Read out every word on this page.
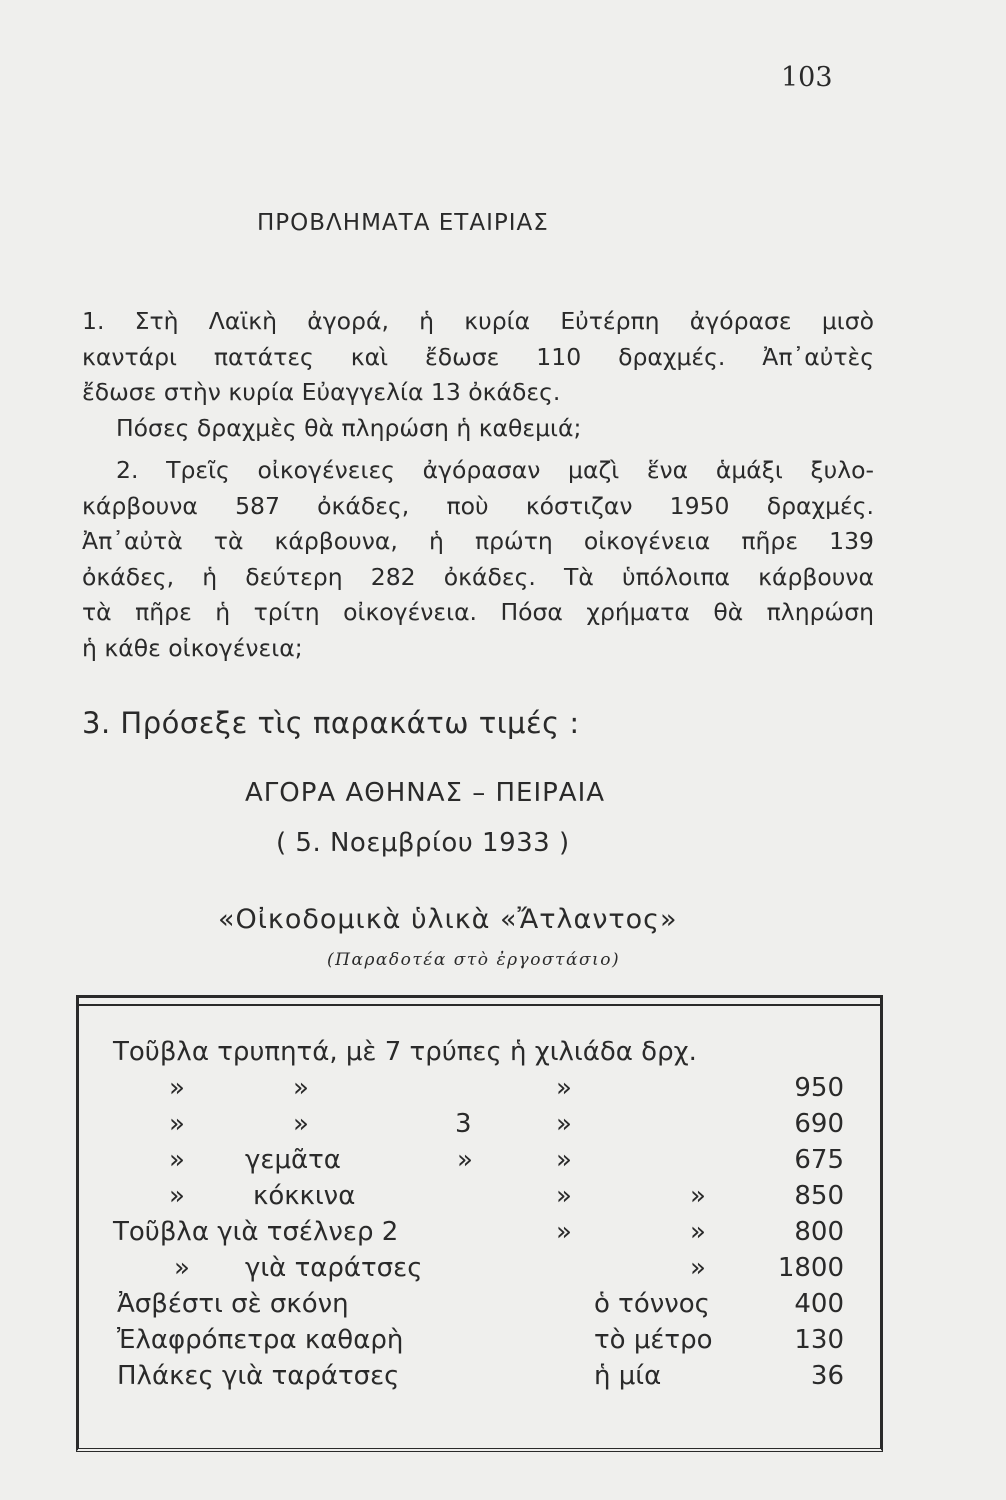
103
ΠΡΟΒΛΗΜΑΤΑ ΕΤΑΙΡΙΑΣ

1. Στὴ Λαϊκὴ ἀγορά, ἡ κυρία Εὐτέρπη ἀγόρασε μισὸ
καντάρι πατάτες καὶ ἔδωσε 110 δραχμές. Ἀπ᾽αὐτὲς
ἔδωσε στὴν κυρία Εὐαγγελία 13 ὀκάδες.
Πόσες δραχμὲς θὰ πληρώση ἡ καθεμιά;

2. Τρεῖς οἰκογένειες ἀγόρασαν μαζὶ ἕνα ἁμάξι ξυλο-
κάρβουνα 587 ὀκάδες, ποὺ κόστιζαν 1950 δραχμές.
Ἀπ᾽αὐτὰ τὰ κάρβουνα, ἡ πρώτη οἰκογένεια πῆρε 139
ὀκάδες, ἡ δεύτερη 282 ὀκάδες. Τὰ ὑπόλοιπα κάρβουνα
τὰ πῆρε ἡ τρίτη οἰκογένεια. Πόσα χρήματα θὰ πληρώση
ἡ κάθε οἰκογένεια;

3. Πρόσεξε τὶς παρακάτω τιμές :
ΑΓΟΡΑ ΑΘΗΝΑΣ – ΠΕΙΡΑΙΑ
( 5. Νοεμβρίου 1933 )
«Οἰκοδομικὰ ὑλικὰ «Ἄτλαντος»
(Παραδοτέα στὸ ἐργοστάσιο)
Τοῦβλα τρυπητά, μὲ 7 τρύπες ἡ χιλιάδα δρχ.
»	»	»	950
»	»	3	»	690
» γεμᾶτα	»	»	675
»	κόκκινα	»	»	850
Τοῦβλα γιὰ τσέλνερ 2	»	»	800
» γιὰ ταράτσες	»	1800
Ἀσβέστι σὲ σκόνη	ὁ τόννος	400
Ἐλαφρόπετρα καθαρὴ	τὸ μέτρο	130
Πλάκες γιὰ ταράτσες	ἡ μία	36
